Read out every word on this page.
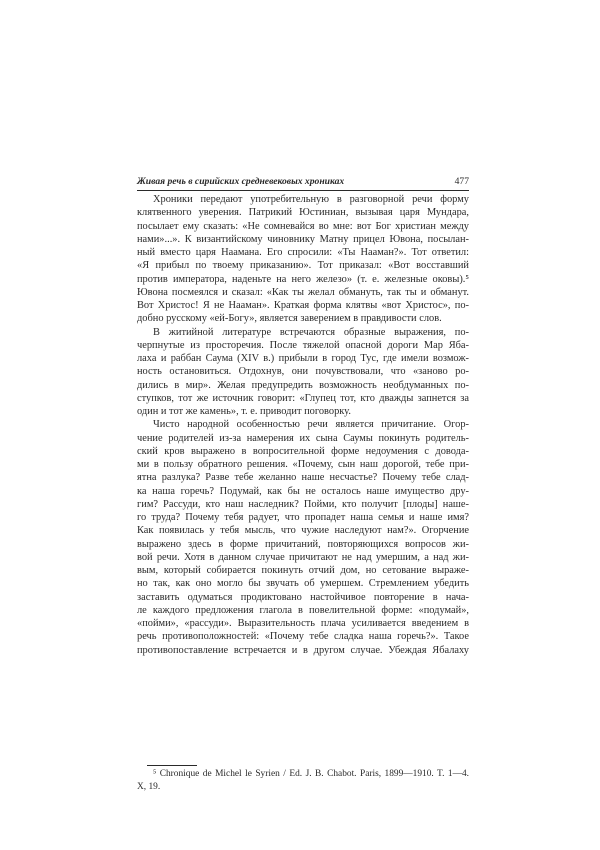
Живая речь в сирийских средневековых хрониках	477
Хроники передают употребительную в разговорной речи форму
клятвенного уверения. Патрикий Юстиниан, вызывая царя Мундара,
посылает ему сказать: «Не сомневайся во мне: вот Бог христиан между
нами»...». К византийскому чиновнику Матну прицел Ювона, посылан-
ный вместо царя Наамана. Его спросили: «Ты Нааман?». Тот ответил:
«Я прибыл по твоему приказанию». Тот приказал: «Вот восставший
против императора, наденьте на него железо» (т. е. железные оковы).⁵
Ювона посмеялся и сказал: «Как ты желал обмануть, так ты и обманут.
Вот Христос! Я не Нааман». Краткая форма клятвы «вот Христос», по-
добно русскому «ей-Богу», является заверением в правдивости слов.
В житийной литературе встречаются образные выражения, по-
черпнутые из просторечия. После тяжелой опасной дороги Мар Яба-
лаха и раббан Саума (XIV в.) прибыли в город Тус, где имели возмож-
ность остановиться. Отдохнув, они почувствовали, что «заново ро-
дились в мир». Желая предупредить возможность необдуманных по-
ступков, тот же источник говорит: «Глупец тот, кто дважды запнется за
один и тот же камень», т. е. приводит поговорку.
Чисто народной особенностью речи является причитание. Огор-
чение родителей из-за намерения их сына Саумы покинуть родитель-
ский кров выражено в вопросительной форме недоумения с довода-
ми в пользу обратного решения. «Почему, сын наш дорогой, тебе при-
ятна разлука? Разве тебе желанно наше несчастье? Почему тебе слад-
ка наша горечь? Подумай, как бы не осталось наше имущество дру-
гим? Рассуди, кто наш наследник? Пойми, кто получит [плоды] наше-
го труда? Почему тебя радует, что пропадет наша семья и наше имя?
Как появилась у тебя мысль, что чужие наследуют нам?». Огорчение
выражено здесь в форме причитаний, повторяющихся вопросов жи-
вой речи. Хотя в данном случае причитают не над умершим, а над жи-
вым, который собирается покинуть отчий дом, но сетование выраже-
но так, как оно могло бы звучать об умершем. Стремлением убедить
заставить одуматься продиктовано настойчивое повторение в нача-
ле каждого предложения глагола в повелительной форме: «подумай»,
«пойми», «рассуди». Выразительность плача усиливается введением в
речь противоположностей: «Почему тебе сладка наша горечь?». Такое
противопоставление встречается и в другом случае. Убеждая Ябалаху
⁵ Chronique de Michel le Syrien / Ed. J. B. Chabot. Paris, 1899—1910. T. 1—4.
X, 19.
